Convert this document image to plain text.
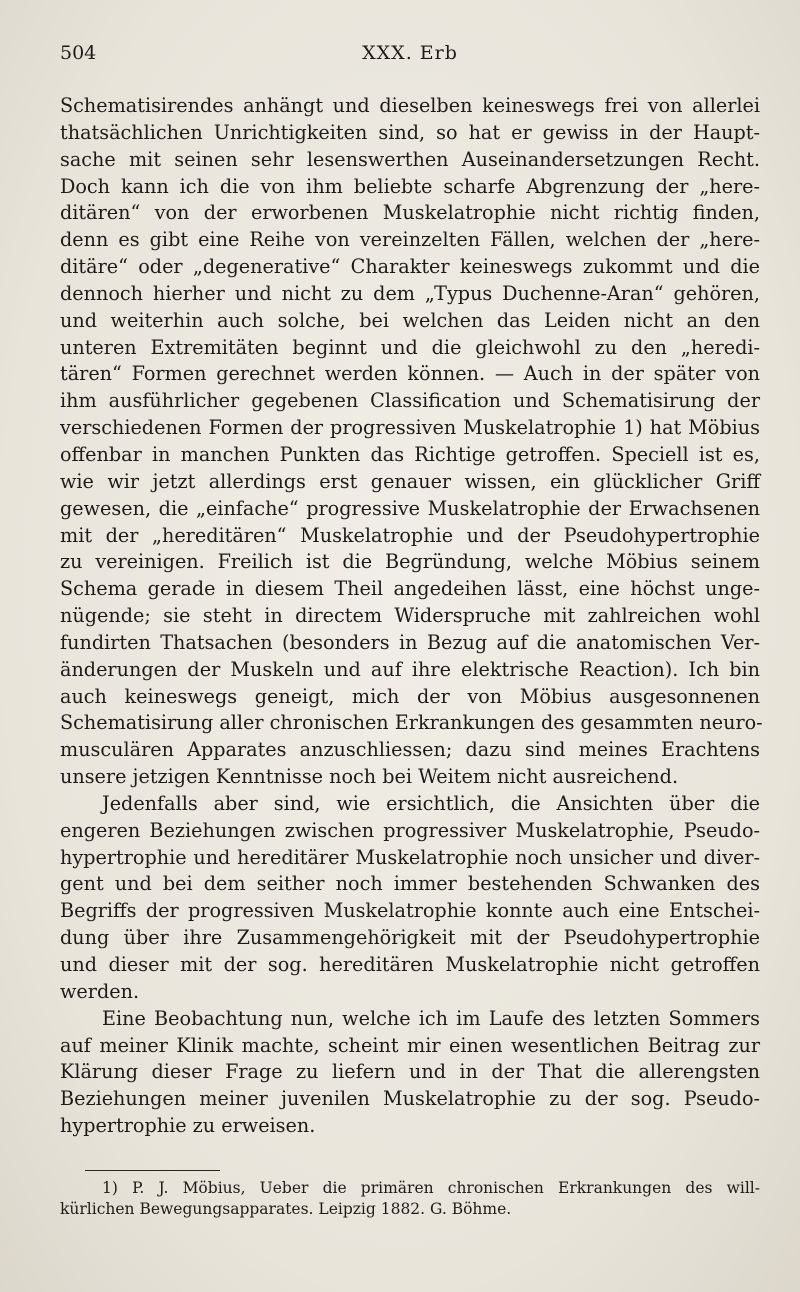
504	XXX. Erb
Schematisirendes anhängt und dieselben keineswegs frei von allerlei
thatsächlichen Unrichtigkeiten sind, so hat er gewiss in der Haupt-
sache mit seinen sehr lesenswerthen Auseinandersetzungen Recht.
Doch kann ich die von ihm beliebte scharfe Abgrenzung der „here-
ditären“ von der erworbenen Muskelatrophie nicht richtig finden,
denn es gibt eine Reihe von vereinzelten Fällen, welchen der „here-
ditäre“ oder „degenerative“ Charakter keineswegs zukommt und die
dennoch hierher und nicht zu dem „Typus Duchenne-Aran“ gehören,
und weiterhin auch solche, bei welchen das Leiden nicht an den
unteren Extremitäten beginnt und die gleichwohl zu den „heredi-
tären“ Formen gerechnet werden können. — Auch in der später von
ihm ausführlicher gegebenen Classification und Schematisirung der
verschiedenen Formen der progressiven Muskelatrophie 1) hat Möbius
offenbar in manchen Punkten das Richtige getroffen. Speciell ist es,
wie wir jetzt allerdings erst genauer wissen, ein glücklicher Griff
gewesen, die „einfache“ progressive Muskelatrophie der Erwachsenen
mit der „hereditären“ Muskelatrophie und der Pseudohypertrophie
zu vereinigen. Freilich ist die Begründung, welche Möbius seinem
Schema gerade in diesem Theil angedeihen lässt, eine höchst unge-
nügende; sie steht in directem Widerspruche mit zahlreichen wohl
fundirten Thatsachen (besonders in Bezug auf die anatomischen Ver-
änderungen der Muskeln und auf ihre elektrische Reaction). Ich bin
auch keineswegs geneigt, mich der von Möbius ausgesonnenen
Schematisirung aller chronischen Erkrankungen des gesammten neuro-
musculären Apparates anzuschliessen; dazu sind meines Erachtens
unsere jetzigen Kenntnisse noch bei Weitem nicht ausreichend.
Jedenfalls aber sind, wie ersichtlich, die Ansichten über die
engeren Beziehungen zwischen progressiver Muskelatrophie, Pseudo-
hypertrophie und hereditärer Muskelatrophie noch unsicher und diver-
gent und bei dem seither noch immer bestehenden Schwanken des
Begriffs der progressiven Muskelatrophie konnte auch eine Entschei-
dung über ihre Zusammengehörigkeit mit der Pseudohypertrophie
und dieser mit der sog. hereditären Muskelatrophie nicht getroffen
werden.
Eine Beobachtung nun, welche ich im Laufe des letzten Sommers
auf meiner Klinik machte, scheint mir einen wesentlichen Beitrag zur
Klärung dieser Frage zu liefern und in der That die allerengsten
Beziehungen meiner juvenilen Muskelatrophie zu der sog. Pseudo-
hypertrophie zu erweisen.
1) P. J. Möbius, Ueber die primären chronischen Erkrankungen des will-
kürlichen Bewegungsapparates. Leipzig 1882. G. Böhme.
